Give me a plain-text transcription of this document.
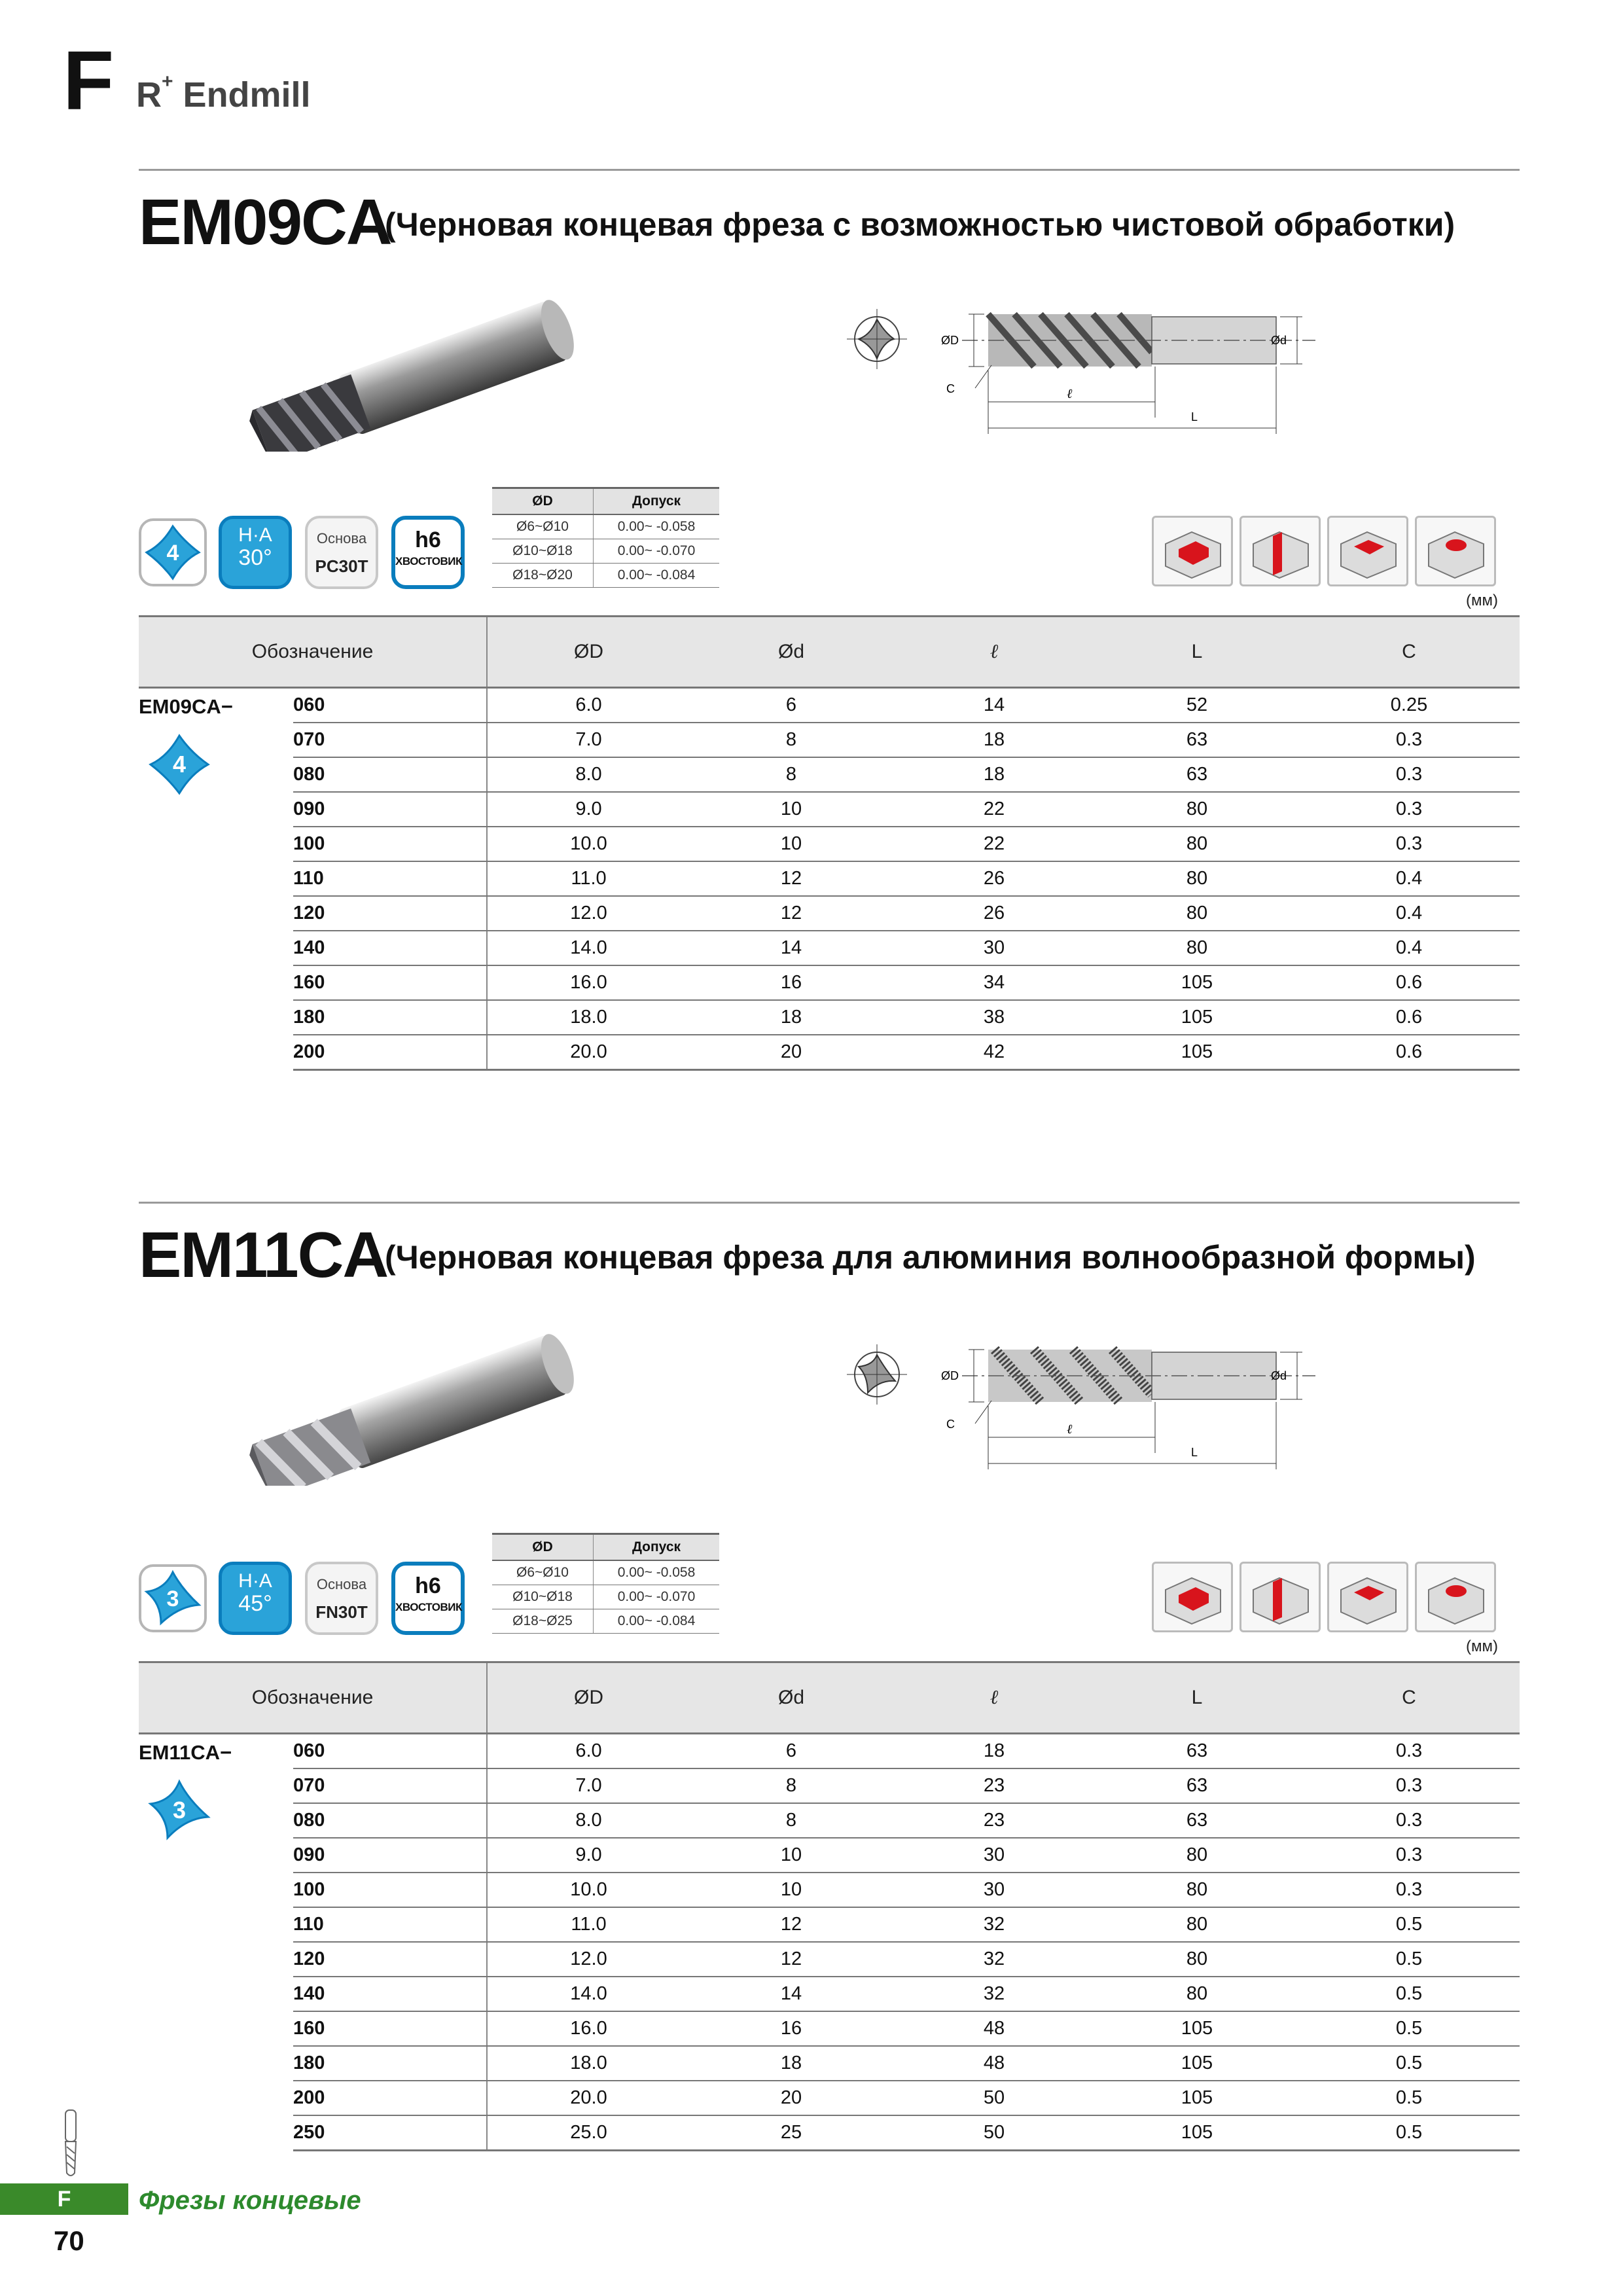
F R+ Endmill
EM09CA
(Черновая концевая фреза с возможностью чистовой обработки)
ØD	Ød
C	ℓ
L
4
H·A
30°
Основа
PC30T
h6
ХВОСТОВИК
ØD	Допуск
Ø6~Ø10	0.00~ -0.058
Ø10~Ø18	0.00~ -0.070
Ø18~Ø20	0.00~ -0.084
(мм)
Обозначение		ØD	Ød	ℓ	L	C
EM09CA−
4	060	6.0	6	14	52	0.25
	070	7.0	8	18	63	0.3
	080	8.0	8	18	63	0.3
	090	9.0	10	22	80	0.3
	100	10.0	10	22	80	0.3
	110	11.0	12	26	80	0.4
	120	12.0	12	26	80	0.4
	140	14.0	14	30	80	0.4
	160	16.0	16	34	105	0.6
	180	18.0	18	38	105	0.6
	200	20.0	20	42	105	0.6
EM11CA
(Черновая концевая фреза для алюминия волнообразной формы)
ØD	Ød
C	ℓ
L
3
H·A
45°
Основа
FN30T
h6
ХВОСТОВИК
ØD	Допуск
Ø6~Ø10	0.00~ -0.058
Ø10~Ø18	0.00~ -0.070
Ø18~Ø25	0.00~ -0.084
(мм)
Обозначение		ØD	Ød	ℓ	L	C
EM11CA−
3	060	6.0	6	18	63	0.3
	070	7.0	8	23	63	0.3
	080	8.0	8	23	63	0.3
	090	9.0	10	30	80	0.3
	100	10.0	10	30	80	0.3
	110	11.0	12	32	80	0.5
	120	12.0	12	32	80	0.5
	140	14.0	14	32	80	0.5
	160	16.0	16	48	105	0.5
	180	18.0	18	48	105	0.5
	200	20.0	20	50	105	0.5
	250	25.0	25	50	105	0.5
F	Фрезы концевые
70
